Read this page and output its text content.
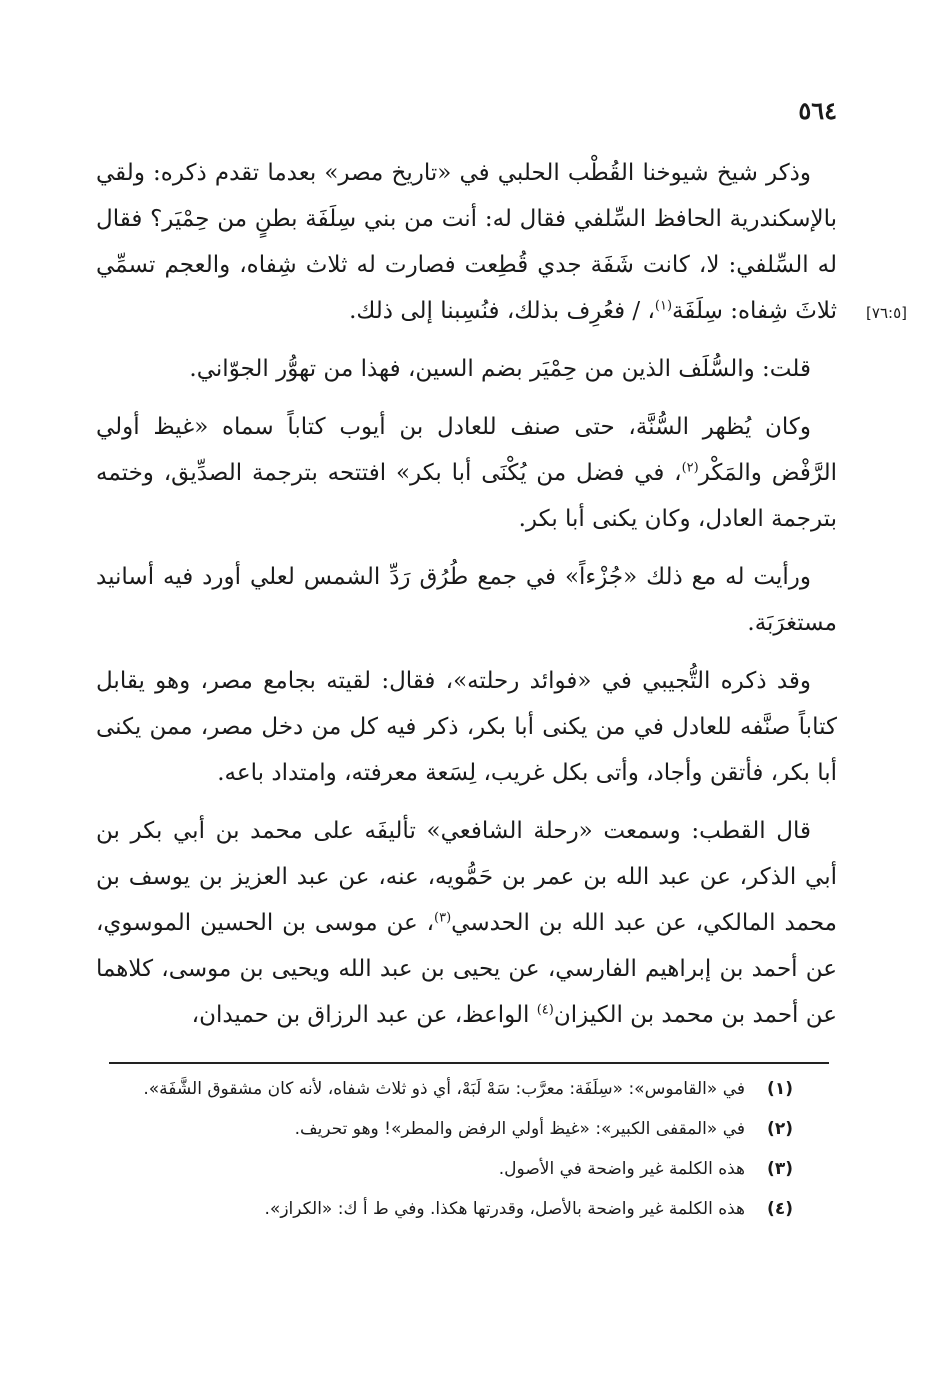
٥٦٤

وذكر شيخ شيوخنا القُطْب الحلبي في «تاريخ مصر» بعدما تقدم ذكره: ولقي بالإسكندرية الحافظ السِّلفي فقال له: أنت من بني سِلَفَة بطنٍ من حِمْيَر؟ فقال له السِّلفي: لا، كانت شَفَة جدي قُطِعت فصارت له ثلاث شِفاه، والعجم تسمِّي ثلاثَ شِفاه: سِلَفَة$^{(١)}$، / فعُرِف بذلك، فنُسِبنا إلى ذلك.	[٧٦:٥]

قلت: والسُّلَف الذين من حِمْيَر بضم السين، فهذا من تهوُّر الجوّاني.

وكان يُظهر السُّنَّة، حتى صنف للعادل بن أيوب كتاباً سماه «غيظ أولي الرَّفْض والمَكْر$^{(٢)}$، في فضل من يُكْنَى أبا بكر» افتتحه بترجمة الصدِّيق، وختمه بترجمة العادل، وكان يكنى أبا بكر.

ورأيت له مع ذلك «جُزْءاً» في جمع طُرُق رَدِّ الشمس لعلي أورد فيه أسانيد مستغرَبَة.

وقد ذكره التُّجيبي في «فوائد رحلته»، فقال: لقيته بجامع مصر، وهو يقابل كتاباً صنَّفه للعادل في من يكنى أبا بكر، ذكر فيه كل من دخل مصر، ممن يكنى أبا بكر، فأتقن وأجاد، وأتى بكل غريب، لِسَعة معرفته، وامتداد باعه.

قال القطب: وسمعت «رحلة الشافعي» تأليفَه على محمد بن أبي بكر بن أبي الذكر، عن عبد الله بن عمر بن حَمُّويه، عنه، عن عبد العزيز بن يوسف بن محمد المالكي، عن عبد الله بن الحدسي$^{(٣)}$، عن موسى بن الحسين الموسوي، عن أحمد بن إبراهيم الفارسي، عن يحيى بن عبد الله ويحيى بن موسى، كلاهما عن أحمد بن محمد بن الكيزان$^{(٤)}$ الواعظ، عن عبد الرزاق بن حميدان،

(١)
في «القاموس»: «سِلَفَة: معرَّب: سَهْ لَبَهْ، أي ذو ثلاث شفاه، لأنه كان مشقوق الشَّفَة».
(٢)
في «المقفى الكبير»: «غيظ أولي الرفض والمطر»! وهو تحريف.
(٣)
هذه الكلمة غير واضحة في الأصول.
(٤)
هذه الكلمة غير واضحة بالأصل، وقدرتها هكذا. وفي ط أ ك: «الكراز».
